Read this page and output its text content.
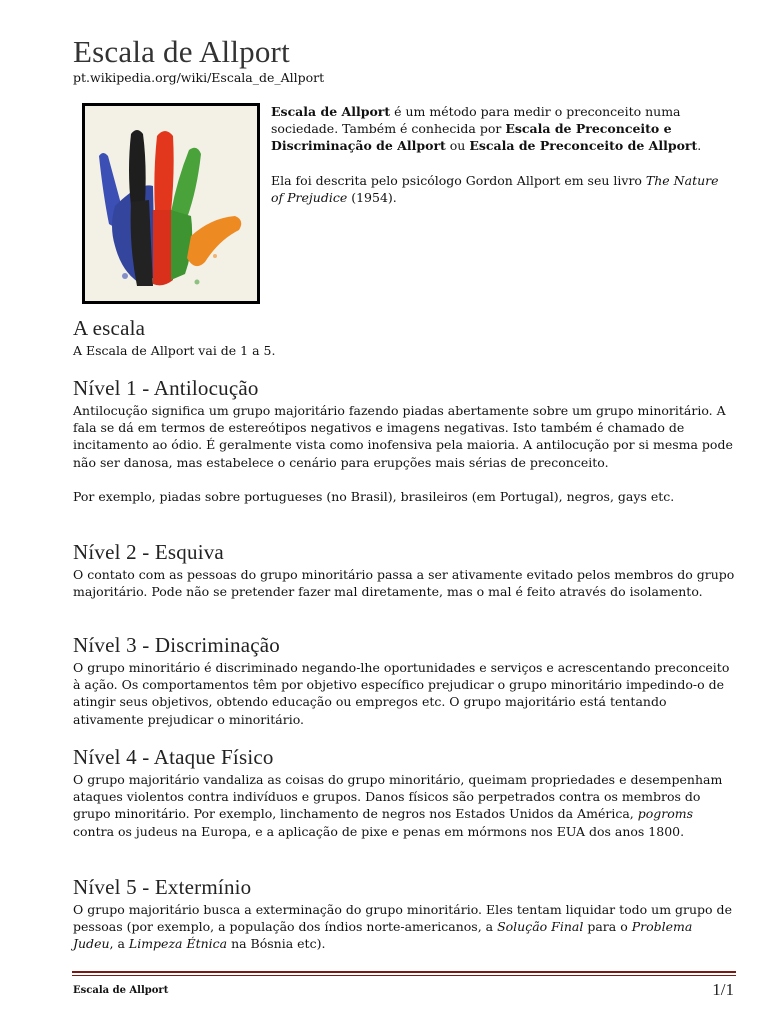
Escala de Allport
pt.wikipedia.org/wiki/Escala_de_Allport

Escala de Allport é um método para medir o preconceito numa sociedade. Também é conhecida por Escala de Preconceito e Discriminação de Allport ou Escala de Preconceito de Allport.

Ela foi descrita pelo psicólogo Gordon Allport em seu livro The Nature of Prejudice (1954).

A escala

A Escala de Allport vai de 1 a 5.

Nível 1 - Antilocução

Antilocução significa um grupo majoritário fazendo piadas abertamente sobre um grupo minoritário. A fala se dá em termos de estereótipos negativos e imagens negativas. Isto também é chamado de incitamento ao ódio. É geralmente vista como inofensiva pela maioria. A antilocução por si mesma pode não ser danosa, mas estabelece o cenário para erupções mais sérias de preconceito.

Por exemplo, piadas sobre portugueses (no Brasil), brasileiros (em Portugal), negros, gays etc.

Nível 2 - Esquiva

O contato com as pessoas do grupo minoritário passa a ser ativamente evitado pelos membros do grupo majoritário. Pode não se pretender fazer mal diretamente, mas o mal é feito através do isolamento.

Nível 3 - Discriminação

O grupo minoritário é discriminado negando-lhe oportunidades e serviços e acrescentando preconceito à ação. Os comportamentos têm por objetivo específico prejudicar o grupo minoritário impedindo-o de atingir seus objetivos, obtendo educação ou empregos etc. O grupo majoritário está tentando ativamente prejudicar o minoritário.

Nível 4 - Ataque Físico

O grupo majoritário vandaliza as coisas do grupo minoritário, queimam propriedades e desempenham ataques violentos contra indivíduos e grupos. Danos físicos são perpetrados contra os membros do grupo minoritário. Por exemplo, linchamento de negros nos Estados Unidos da América, pogroms contra os judeus na Europa, e a aplicação de pixe e penas em mórmons nos EUA dos anos 1800.

Nível 5 - Extermínio

O grupo majoritário busca a exterminação do grupo minoritário. Eles tentam liquidar todo um grupo de pessoas (por exemplo, a população dos índios norte-americanos, a Solução Final para o Problema Judeu, a Limpeza Étnica na Bósnia etc).

Escala de Allport	1/1
